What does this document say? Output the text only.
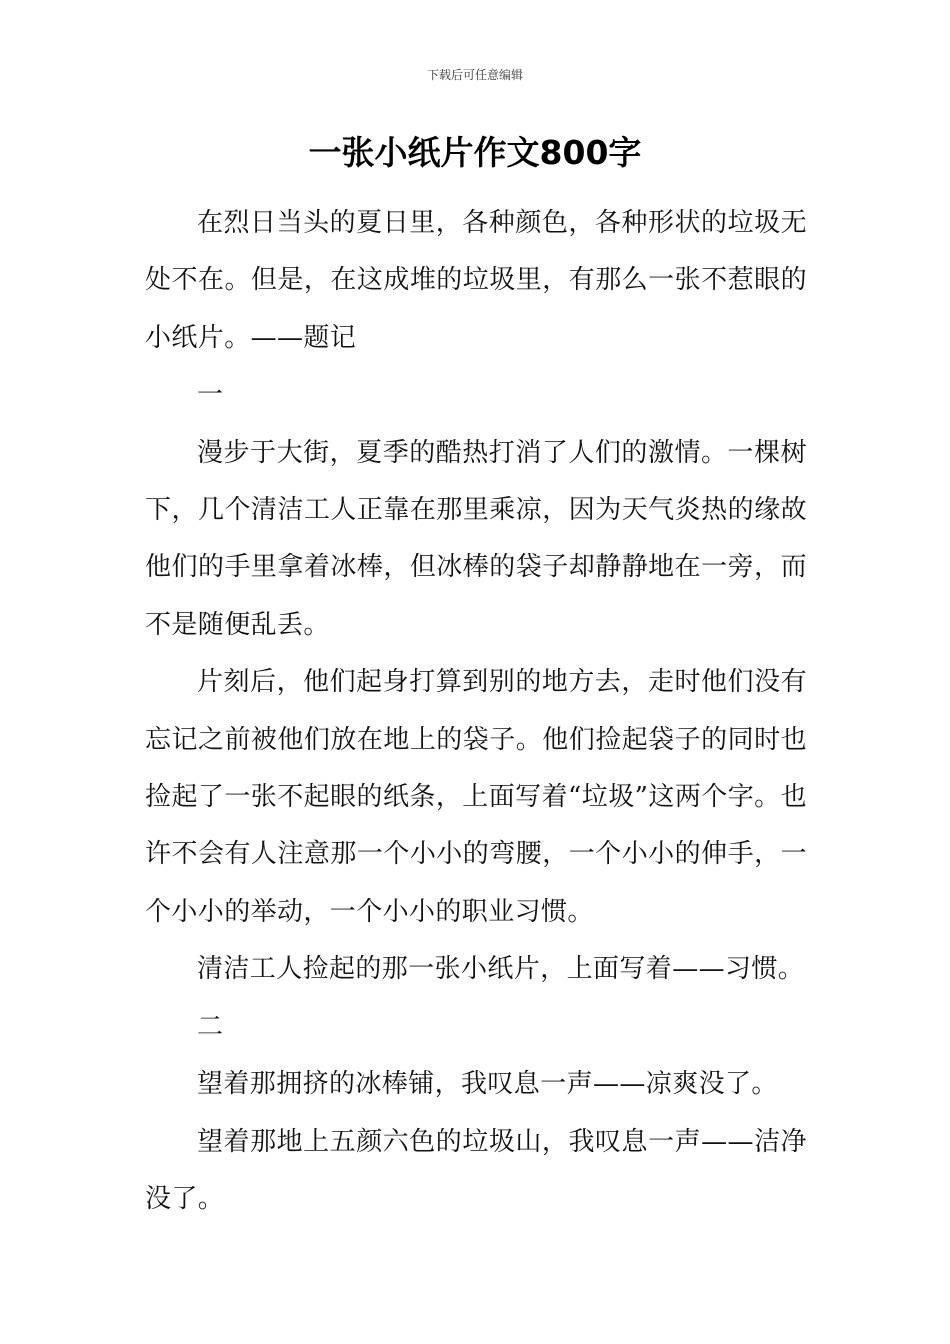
下载后可任意编辑
一张小纸片作文800字

在烈日当头的夏日里，各种颜色，各种形状的垃圾无处不在。但是，在这成堆的垃圾里，有那么一张不惹眼的小纸片。——题记

一

漫步于大街，夏季的酷热打消了人们的激情。一棵树下，几个清洁工人正靠在那里乘凉，因为天气炎热的缘故他们的手里拿着冰棒，但冰棒的袋子却静静地在一旁，而不是随便乱丢。

片刻后，他们起身打算到别的地方去，走时他们没有忘记之前被他们放在地上的袋子。他们捡起袋子的同时也捡起了一张不起眼的纸条，上面写着“垃圾”这两个字。也许不会有人注意那一个小小的弯腰，一个小小的伸手，一个小小的举动，一个小小的职业习惯。

清洁工人捡起的那一张小纸片，上面写着——习惯。

二

望着那拥挤的冰棒铺，我叹息一声——凉爽没了。

望着那地上五颜六色的垃圾山，我叹息一声——洁净没了。
